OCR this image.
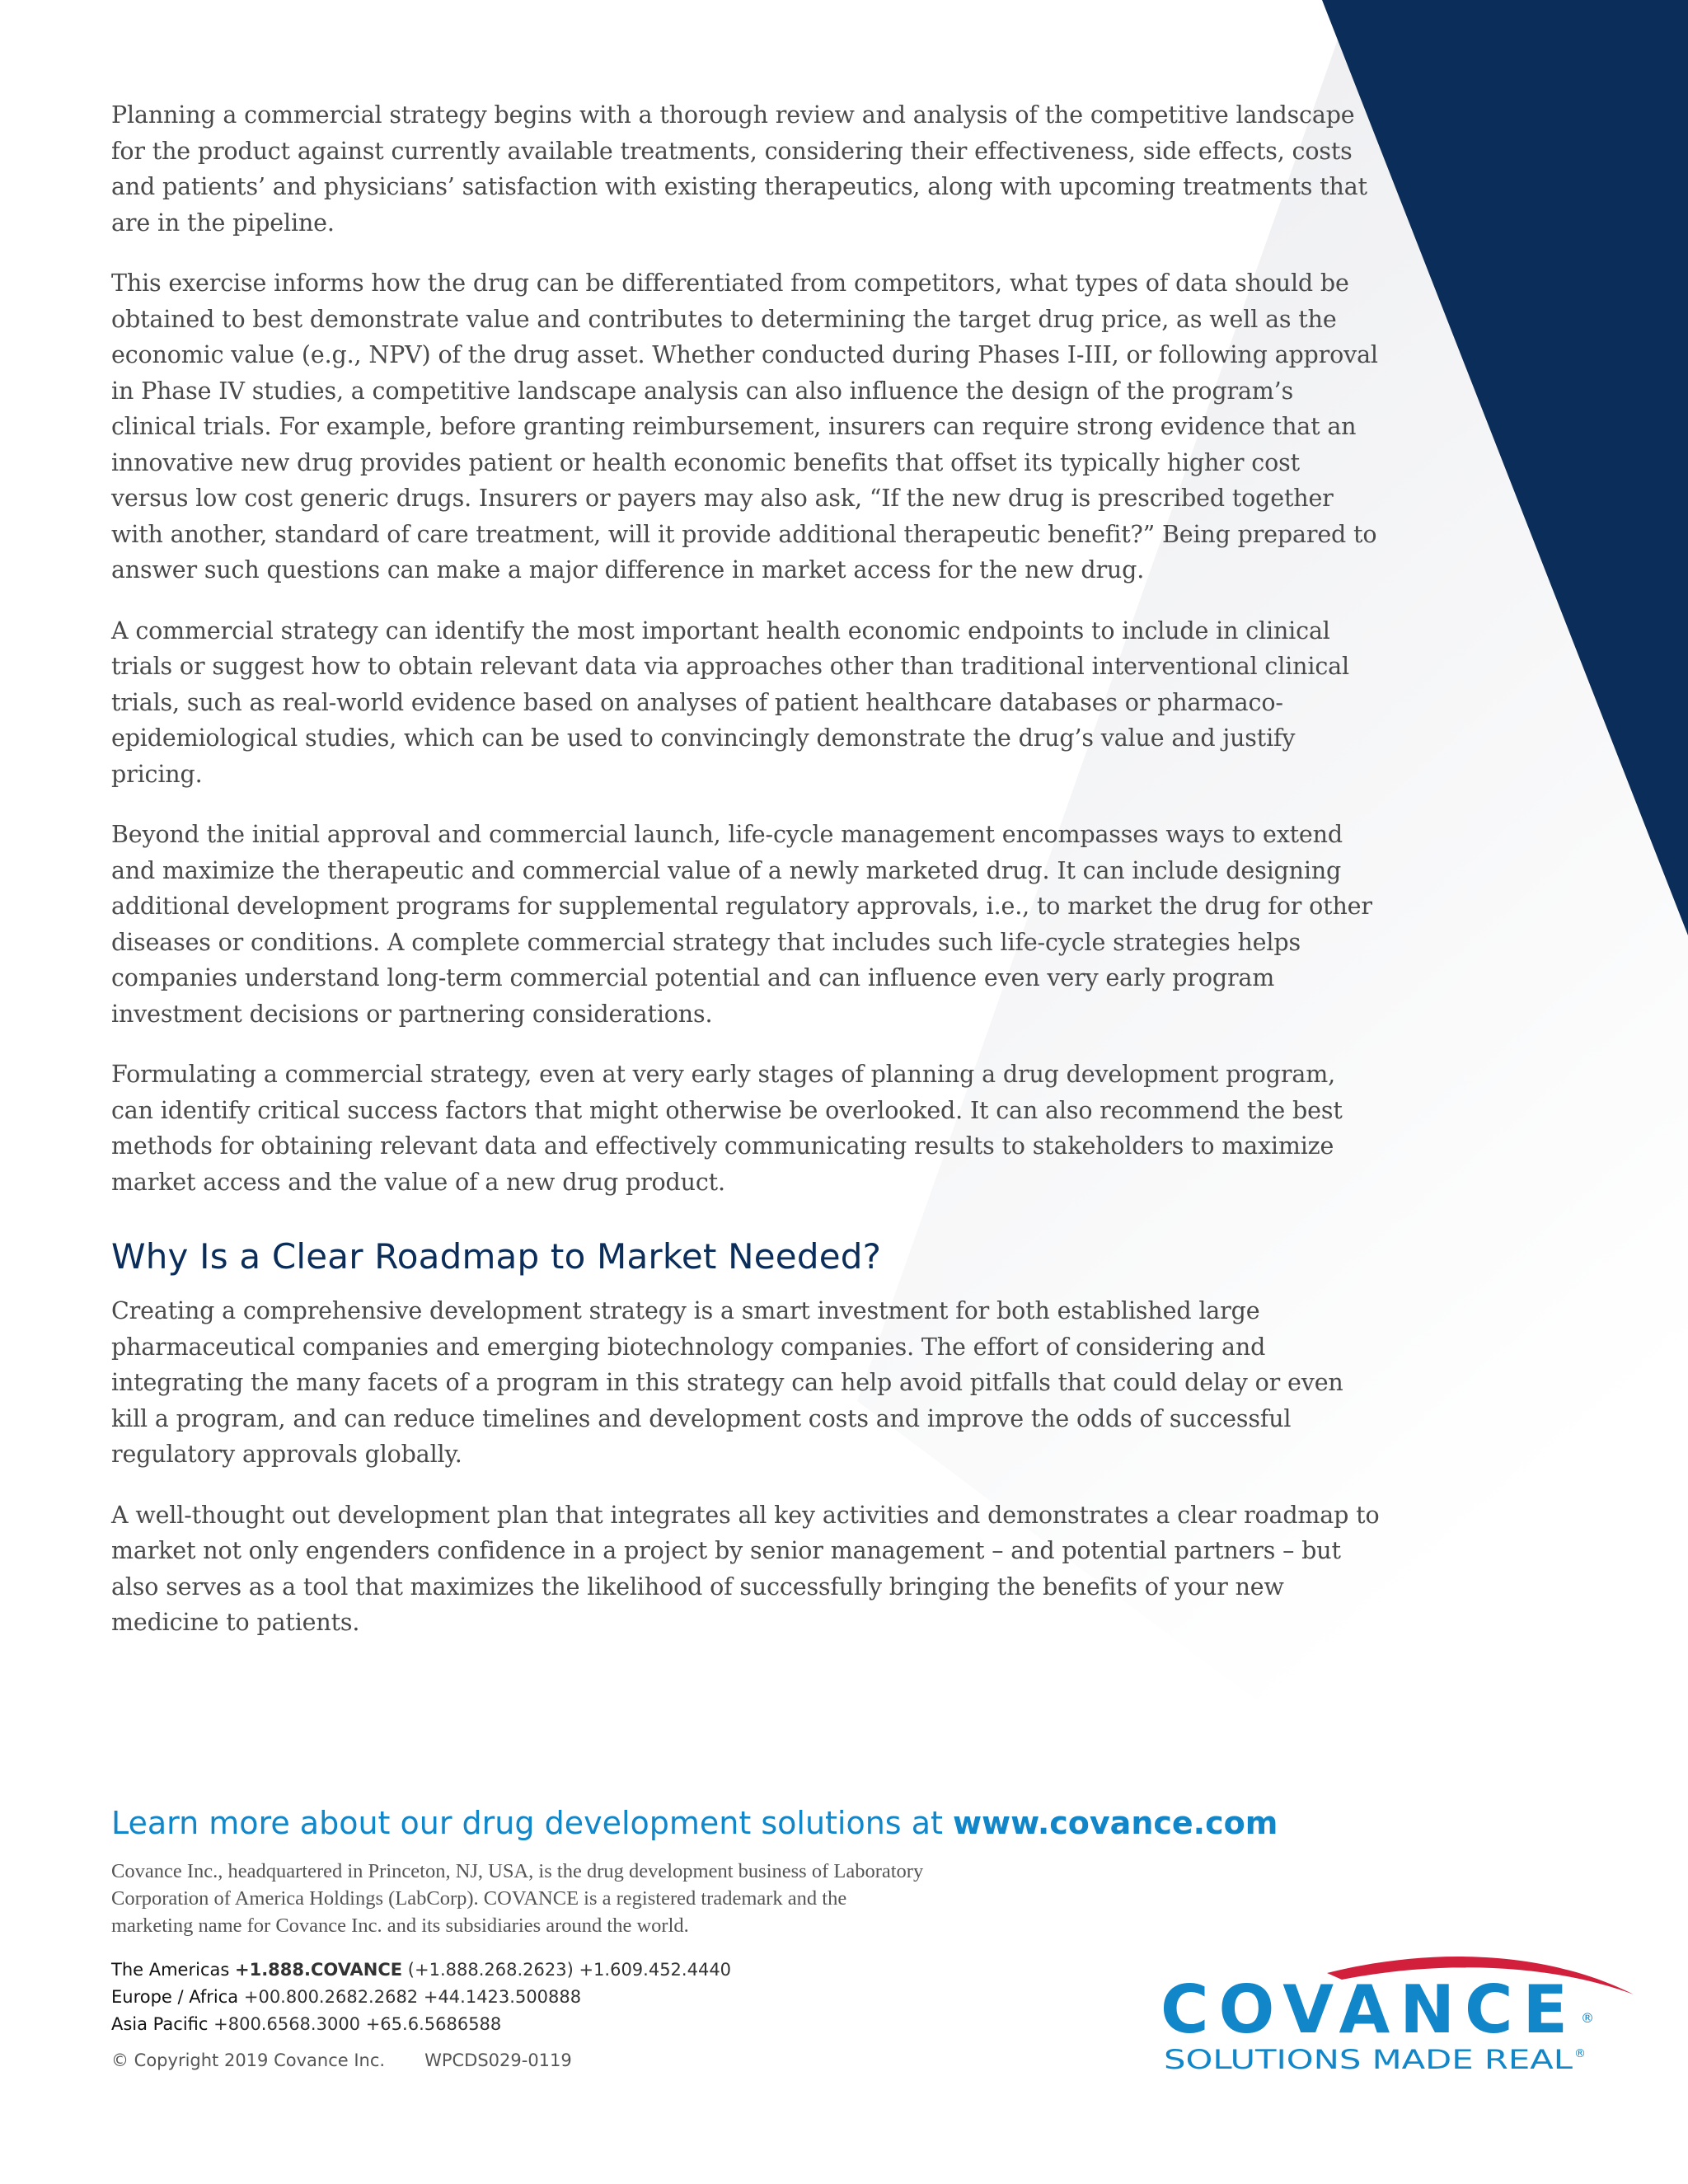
Planning a commercial strategy begins with a thorough review and analysis of the competitive landscape for the product against currently available treatments, considering their effectiveness, side effects, costs and patients’ and physicians’ satisfaction with existing therapeutics, along with upcoming treatments that are in the pipeline.

This exercise informs how the drug can be differentiated from competitors, what types of data should be obtained to best demonstrate value and contributes to determining the target drug price, as well as the economic value (e.g., NPV) of the drug asset. Whether conducted during Phases I-III, or following approval in Phase IV studies, a competitive landscape analysis can also influence the design of the program’s clinical trials. For example, before granting reimbursement, insurers can require strong evidence that an innovative new drug provides patient or health economic benefits that offset its typically higher cost versus low cost generic drugs. Insurers or payers may also ask, “If the new drug is prescribed together with another, standard of care treatment, will it provide additional therapeutic benefit?” Being prepared to answer such questions can make a major difference in market access for the new drug.

A commercial strategy can identify the most important health economic endpoints to include in clinical trials or suggest how to obtain relevant data via approaches other than traditional interventional clinical trials, such as real-world evidence based on analyses of patient healthcare databases or pharmaco-epidemiological studies, which can be used to convincingly demonstrate the drug’s value and justify pricing.

Beyond the initial approval and commercial launch, life-cycle management encompasses ways to extend and maximize the therapeutic and commercial value of a newly marketed drug. It can include designing additional development programs for supplemental regulatory approvals, i.e., to market the drug for other diseases or conditions. A complete commercial strategy that includes such life-cycle strategies helps companies understand long-term commercial potential and can influence even very early program investment decisions or partnering considerations.

Formulating a commercial strategy, even at very early stages of planning a drug development program, can identify critical success factors that might otherwise be overlooked. It can also recommend the best methods for obtaining relevant data and effectively communicating results to stakeholders to maximize market access and the value of a new drug product.

Why Is a Clear Roadmap to Market Needed?

Creating a comprehensive development strategy is a smart investment for both established large pharmaceutical companies and emerging biotechnology companies. The effort of considering and integrating the many facets of a program in this strategy can help avoid pitfalls that could delay or even kill a program, and can reduce timelines and development costs and improve the odds of successful regulatory approvals globally.

A well-thought out development plan that integrates all key activities and demonstrates a clear roadmap to market not only engenders confidence in a project by senior management – and potential partners – but also serves as a tool that maximizes the likelihood of successfully bringing the benefits of your new medicine to patients.

Learn more about our drug development solutions at www.covance.com
Covance Inc., headquartered in Princeton, NJ, USA, is the drug development business of Laboratory
Corporation of America Holdings (LabCorp). COVANCE is a registered trademark and the
marketing name for Covance Inc. and its subsidiaries around the world.
The Americas +1.888.COVANCE (+1.888.268.2623) +1.609.452.4440
Europe / Africa +00.800.2682.2682 +44.1423.500888
Asia Pacific +800.6568.3000 +65.6.5686588
© Copyright 2019 Covance Inc. WPCDS029-0119
COVANCE ®
SOLUTIONS MADE REAL ®
